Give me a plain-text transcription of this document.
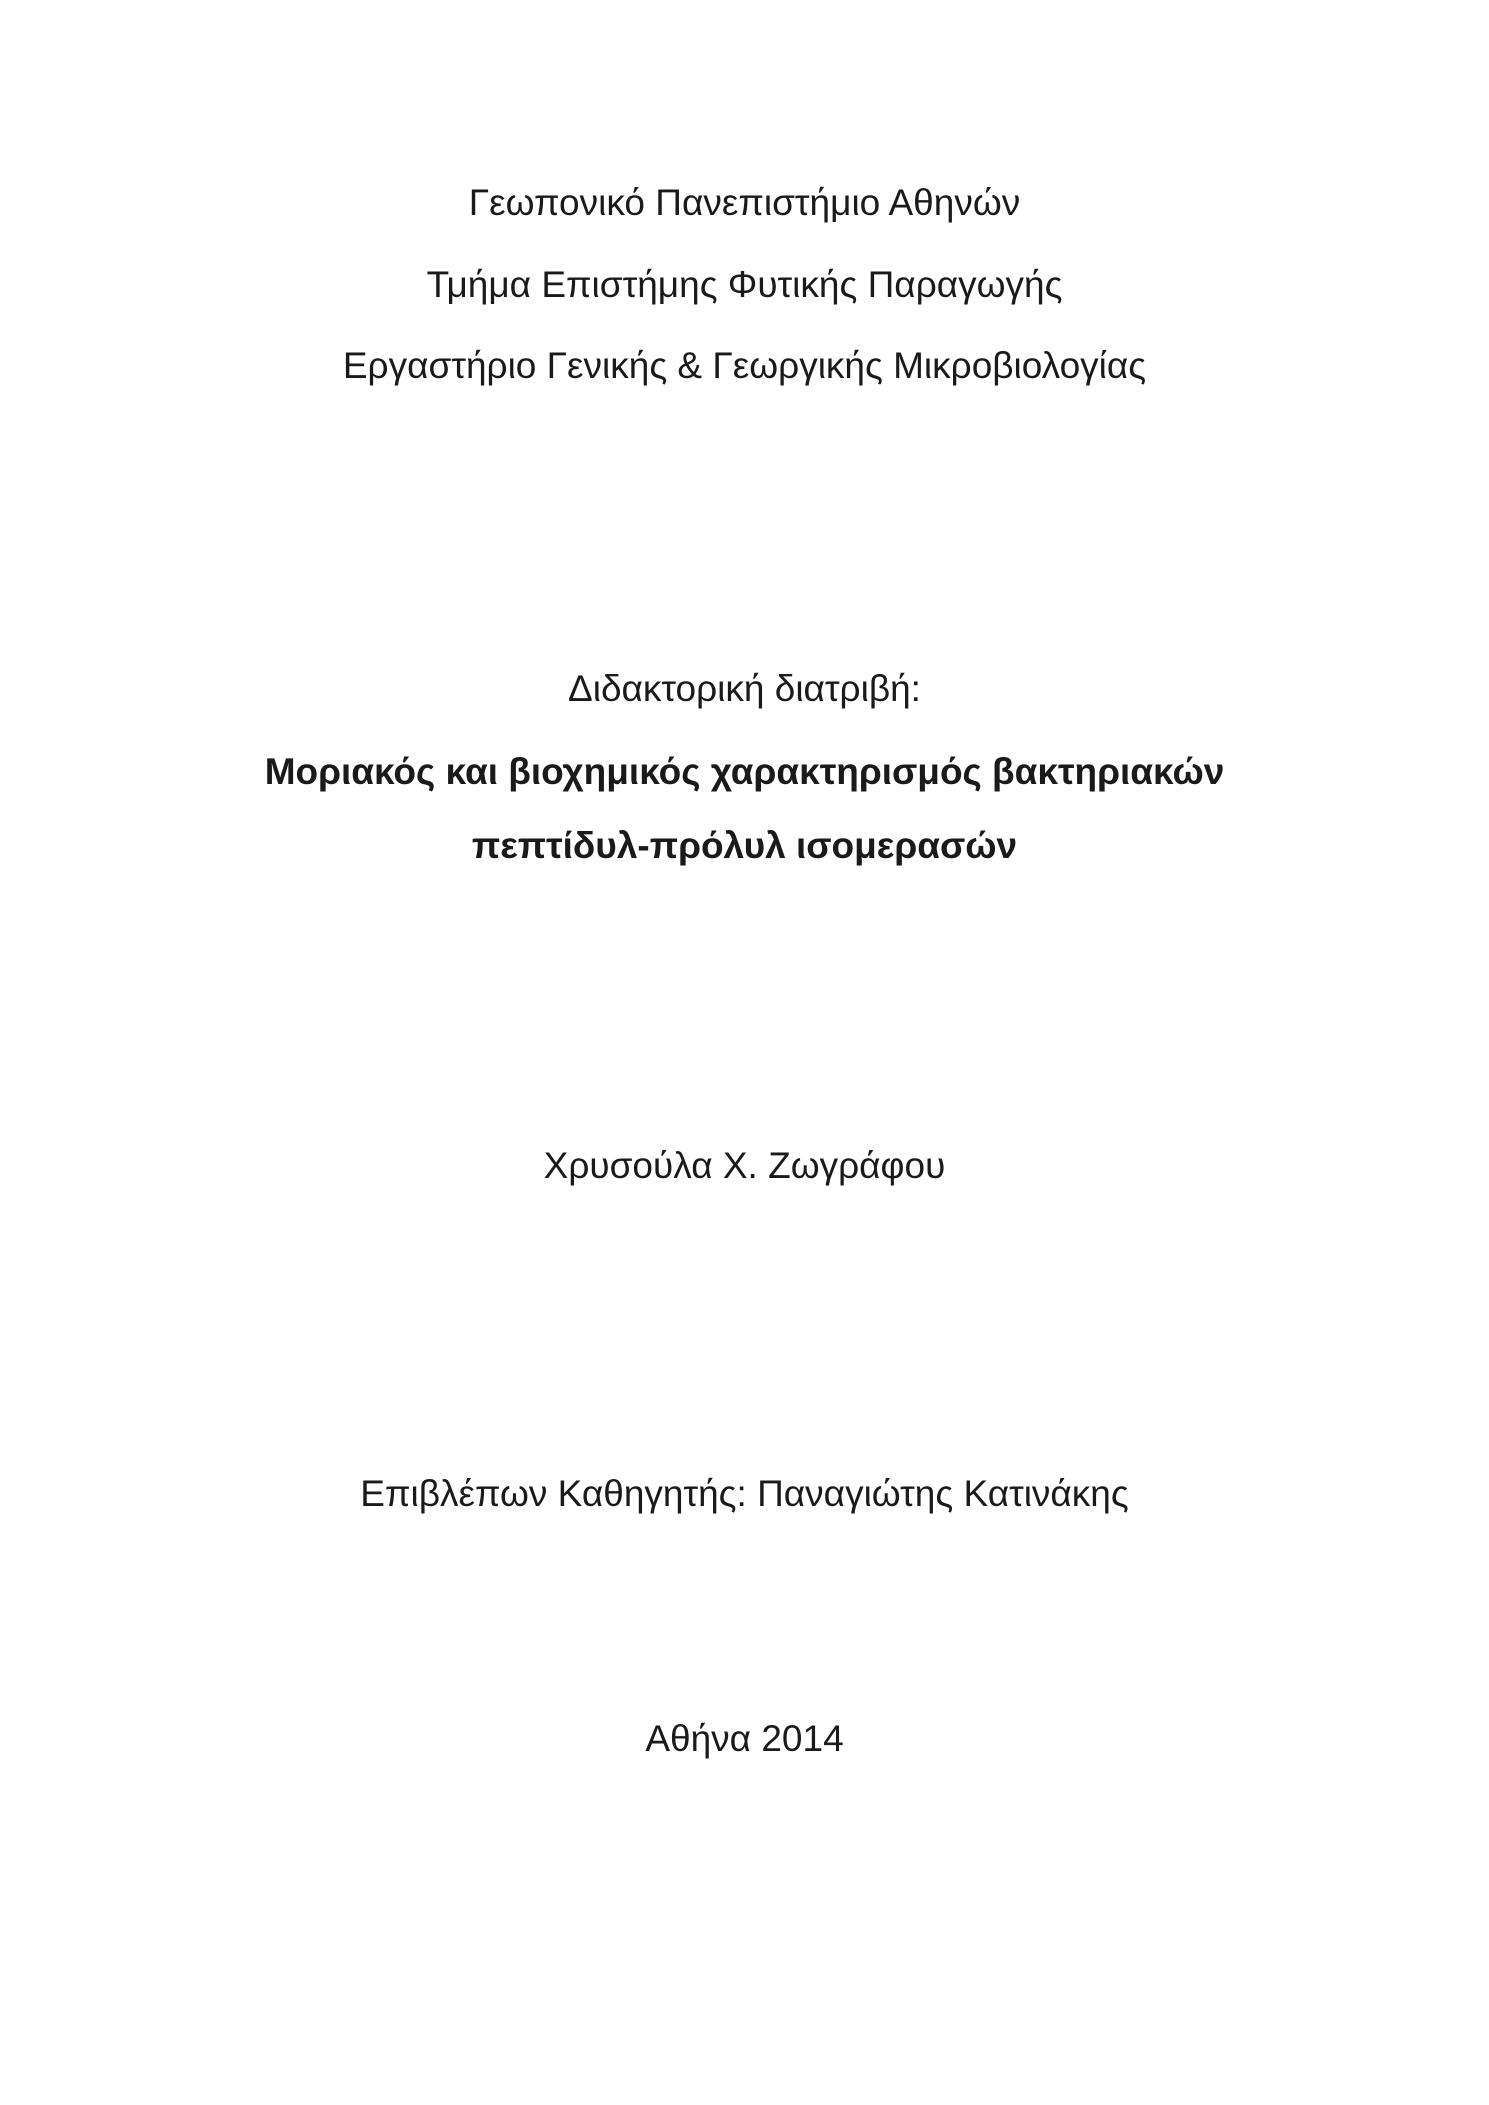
Γεωπονικό Πανεπιστήμιο Αθηνών
Τμήμα Επιστήμης Φυτικής Παραγωγής
Εργαστήριο Γενικής & Γεωργικής Μικροβιολογίας
Διδακτορική διατριβή:
Μοριακός και βιοχημικός χαρακτηρισμός βακτηριακών
πεπτίδυλ-πρόλυλ ισομερασών
Χρυσούλα Χ. Ζωγράφου
Επιβλέπων Καθηγητής: Παναγιώτης Κατινάκης
Αθήνα 2014
